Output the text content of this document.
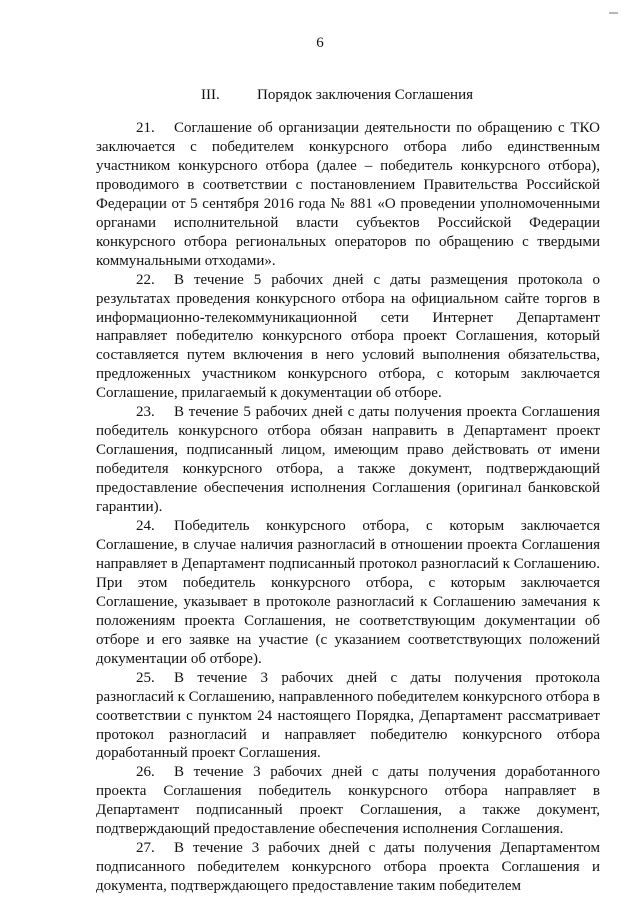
6
III. Порядок заключения Соглашения

21. Соглашение об организации деятельности по обращению с ТКО заключается с победителем конкурсного отбора либо единственным участником конкурсного отбора (далее – победитель конкурсного отбора), проводимого в соответствии с постановлением Правительства Российской Федерации от 5 сентября 2016 года № 881 «О проведении уполномоченными органами исполнительной власти субъектов Российской Федерации конкурсного отбора региональных операторов по обращению с твердыми коммунальными отходами».

22. В течение 5 рабочих дней с даты размещения протокола о результатах проведения конкурсного отбора на официальном сайте торгов в информационно-телекоммуникационной сети Интернет Департамент направляет победителю конкурсного отбора проект Соглашения, который составляется путем включения в него условий выполнения обязательства, предложенных участником конкурсного отбора, с которым заключается Соглашение, прилагаемый к документации об отборе.

23. В течение 5 рабочих дней с даты получения проекта Соглашения победитель конкурсного отбора обязан направить в Департамент проект Соглашения, подписанный лицом, имеющим право действовать от имени победителя конкурсного отбора, а также документ, подтверждающий предоставление обеспечения исполнения Соглашения (оригинал банковской гарантии).

24. Победитель конкурсного отбора, с которым заключается Соглашение, в случае наличия разногласий в отношении проекта Соглашения направляет в Департамент подписанный протокол разногласий к Соглашению. При этом победитель конкурсного отбора, с которым заключается Соглашение, указывает в протоколе разногласий к Соглашению замечания к положениям проекта Соглашения, не соответствующим документации об отборе и его заявке на участие (с указанием соответствующих положений документации об отборе).

25. В течение 3 рабочих дней с даты получения протокола разногласий к Соглашению, направленного победителем конкурсного отбора в соответствии с пунктом 24 настоящего Порядка, Департамент рассматривает протокол разногласий и направляет победителю конкурсного отбора доработанный проект Соглашения.

26. В течение 3 рабочих дней с даты получения доработанного проекта Соглашения победитель конкурсного отбора направляет в Департамент подписанный проект Соглашения, а также документ, подтверждающий предоставление обеспечения исполнения Соглашения.

27. В течение 3 рабочих дней с даты получения Департаментом подписанного победителем конкурсного отбора проекта Соглашения и документа, подтверждающего предоставление таким победителем
